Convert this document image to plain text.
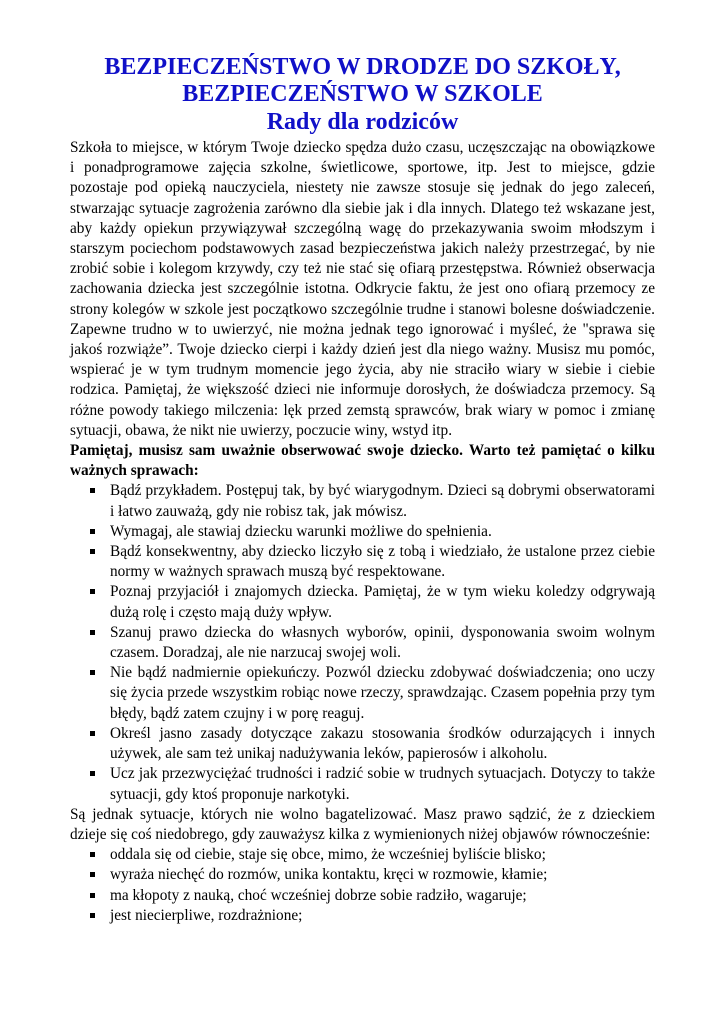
BEZPIECZEŃSTWO W DRODZE DO SZKOŁY,
BEZPIECZEŃSTWO W SZKOLE
Rady dla rodziców

Szkoła to miejsce, w którym Twoje dziecko spędza dużo czasu, uczęszczając na obowiązkowe i ponadprogramowe zajęcia szkolne, świetlicowe, sportowe, itp. Jest to miejsce, gdzie pozostaje pod opieką nauczyciela, niestety nie zawsze stosuje się jednak do jego zaleceń, stwarzając sytuacje zagrożenia zarówno dla siebie jak i dla innych. Dlatego też wskazane jest, aby każdy opiekun przywiązywał szczególną wagę do przekazywania swoim młodszym i starszym pociechom podstawowych zasad bezpieczeństwa jakich należy przestrzegać, by nie zrobić sobie i kolegom krzywdy, czy też nie stać się ofiarą przestępstwa. Również obserwacja zachowania dziecka jest szczególnie istotna. Odkrycie faktu, że jest ono ofiarą przemocy ze strony kolegów w szkole jest początkowo szczególnie trudne i stanowi bolesne doświadczenie. Zapewne trudno w to uwierzyć, nie można jednak tego ignorować i myśleć, że "sprawa się jakoś rozwiąże”. Twoje dziecko cierpi i każdy dzień jest dla niego ważny. Musisz mu pomóc, wspierać je w tym trudnym momencie jego życia, aby nie straciło wiary w siebie i ciebie rodzica. Pamiętaj, że większość dzieci nie informuje dorosłych, że doświadcza przemocy. Są różne powody takiego milczenia: lęk przed zemstą sprawców, brak wiary w pomoc i zmianę sytuacji, obawa, że nikt nie uwierzy, poczucie winy, wstyd itp.

Pamiętaj, musisz sam uważnie obserwować swoje dziecko. Warto też pamiętać o kilku ważnych sprawach:

Bądź przykładem. Postępuj tak, by być wiarygodnym. Dzieci są dobrymi obserwatorami i łatwo zauważą, gdy nie robisz tak, jak mówisz.
Wymagaj, ale stawiaj dziecku warunki możliwe do spełnienia.
Bądź konsekwentny, aby dziecko liczyło się z tobą i wiedziało, że ustalone przez ciebie normy w ważnych sprawach muszą być respektowane.
Poznaj przyjaciół i znajomych dziecka. Pamiętaj, że w tym wieku koledzy odgrywają dużą rolę i często mają duży wpływ.
Szanuj prawo dziecka do własnych wyborów, opinii, dysponowania swoim wolnym czasem. Doradzaj, ale nie narzucaj swojej woli.
Nie bądź nadmiernie opiekuńczy. Pozwól dziecku zdobywać doświadczenia; ono uczy się życia przede wszystkim robiąc nowe rzeczy, sprawdzając. Czasem popełnia przy tym błędy, bądź zatem czujny i w porę reaguj.
Określ jasno zasady dotyczące zakazu stosowania środków odurzających i innych używek, ale sam też unikaj nadużywania leków, papierosów i alkoholu.
Ucz jak przezwyciężać trudności i radzić sobie w trudnych sytuacjach. Dotyczy to także sytuacji, gdy ktoś proponuje narkotyki.

Są jednak sytuacje, których nie wolno bagatelizować. Masz prawo sądzić, że z dzieckiem dzieje się coś niedobrego, gdy zauważysz kilka z wymienionych niżej objawów równocześnie:

oddala się od ciebie, staje się obce, mimo, że wcześniej byliście blisko;
wyraża niechęć do rozmów, unika kontaktu, kręci w rozmowie, kłamie;
ma kłopoty z nauką, choć wcześniej dobrze sobie radziło, wagaruje;
jest niecierpliwe, rozdrażnione;
